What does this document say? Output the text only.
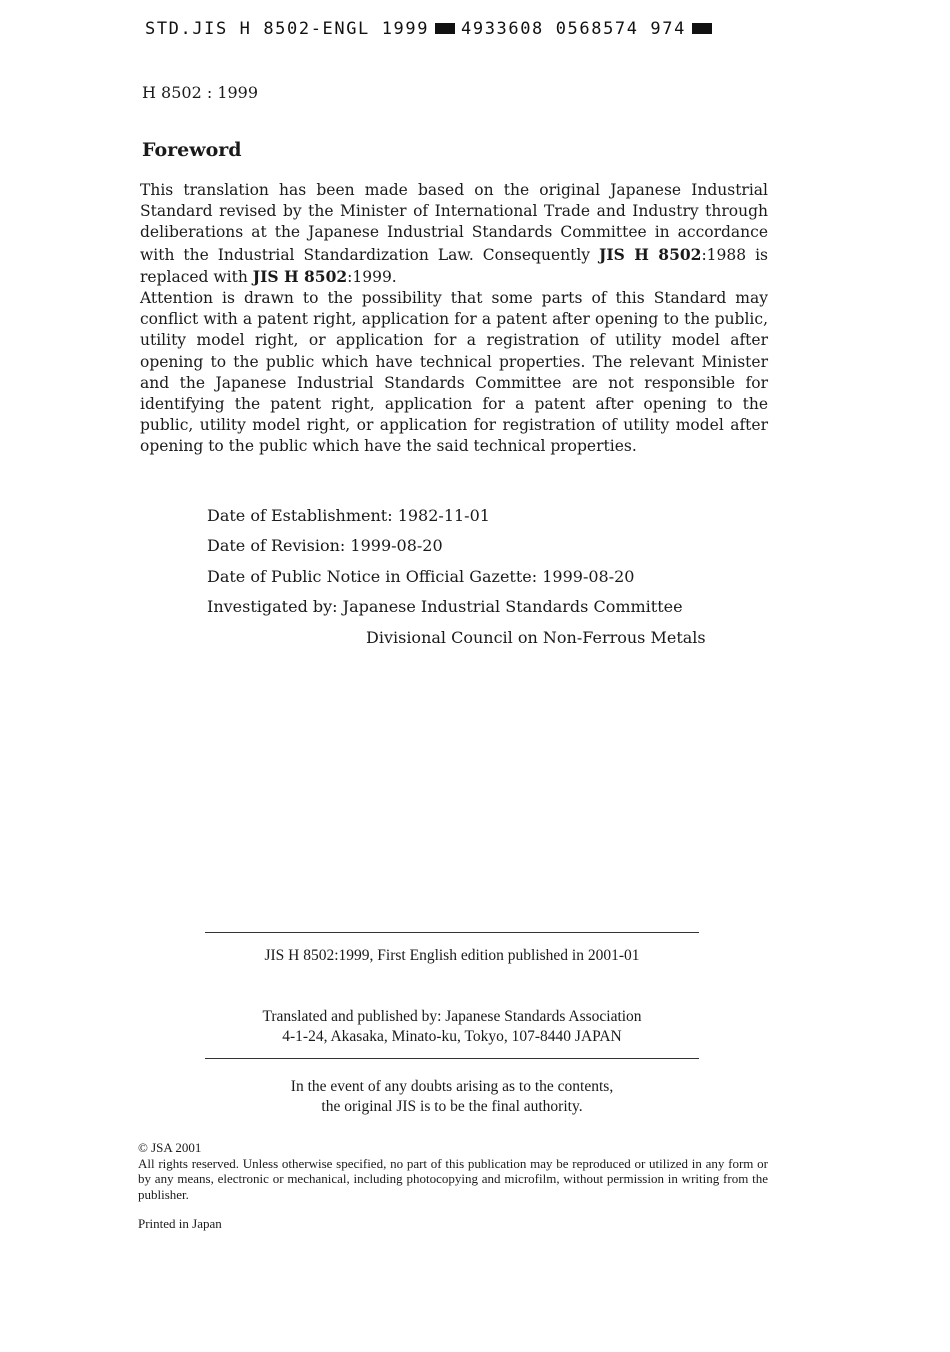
STD.JIS H 8502-ENGL 1999 4933608 0568574 974
H 8502 : 1999
Foreword

This translation has been made based on the original Japanese Industrial Standard revised by the Minister of International Trade and Industry through deliberations at the Japanese Industrial Standards Committee in accordance with the Industrial Standardization Law. Consequently JIS H 8502:1988 is replaced with JIS H 8502:1999.

Attention is drawn to the possibility that some parts of this Standard may conflict with a patent right, application for a patent after opening to the public, utility model right, or application for a registration of utility model after opening to the public which have technical properties. The relevant Minister and the Japanese Industrial Standards Committee are not responsible for identifying the patent right, application for a patent after opening to the public, utility model right, or application for registration of utility model after opening to the public which have the said technical properties.

Date of Establishment: 1982-11-01
Date of Revision: 1999-08-20
Date of Public Notice in Official Gazette: 1999-08-20
Investigated by: Japanese Industrial Standards Committee
Divisional Council on Non-Ferrous Metals
JIS H 8502:1999, First English edition published in 2001-01
Translated and published by: Japanese Standards Association
4-1-24, Akasaka, Minato-ku, Tokyo, 107-8440 JAPAN
In the event of any doubts arising as to the contents,
the original JIS is to be the final authority.

© JSA 2001

All rights reserved. Unless otherwise specified, no part of this publication may be reproduced or utilized in any form or by any means, electronic or mechanical, including photocopying and microfilm, without permission in writing from the publisher.

Printed in Japan
